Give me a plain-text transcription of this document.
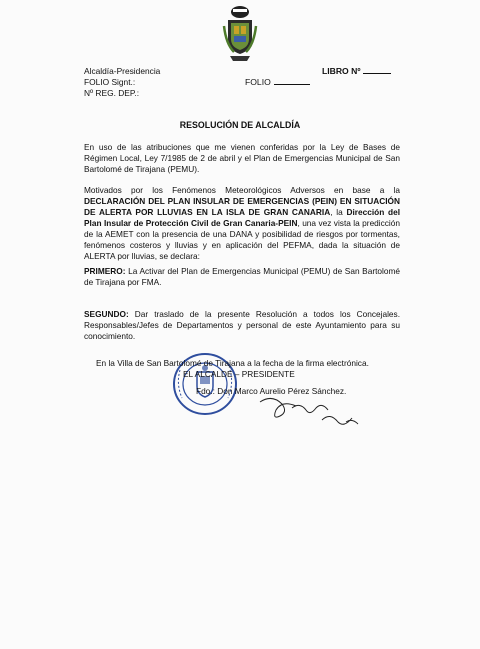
Alcaldía-Presidencia
FOLIO Signt.:
Nº REG. DEP.:
LIBRO Nº
FOLIO
RESOLUCIÓN DE ALCALDÍA
En uso de las atribuciones que me vienen conferidas por la Ley de Bases de Régimen Local, Ley 7/1985 de 2 de abril y el Plan de Emergencias Municipal de San Bartolomé de Tirajana (PEMU).
Motivados por los Fenómenos Meteorológicos Adversos en base a la DECLARACIÓN DEL PLAN INSULAR DE EMERGENCIAS (PEIN) EN SITUACIÓN DE ALERTA POR LLUVIAS EN LA ISLA DE GRAN CANARIA, la Dirección del Plan Insular de Protección Civil de Gran Canaria-PEIN, una vez vista la predicción de la AEMET con la presencia de una DANA y posibilidad de riesgos por tormentas, fenómenos costeros y lluvias y en aplicación del PEFMA, dada la situación de ALERTA por lluvias, se declara:
PRIMERO: La Activar del Plan de Emergencias Municipal (PEMU) de San Bartolomé de Tirajana por FMA.
SEGUNDO: Dar traslado de la presente Resolución a todos los Concejales. Responsables/Jefes de Departamentos y personal de este Ayuntamiento para su conocimiento.
En la Villa de San Bartolomé de Tirajana a la fecha de la firma electrónica.
EL ALCALDE – PRESIDENTE
Fdo.: Don Marco Aurelio Pérez Sánchez.
